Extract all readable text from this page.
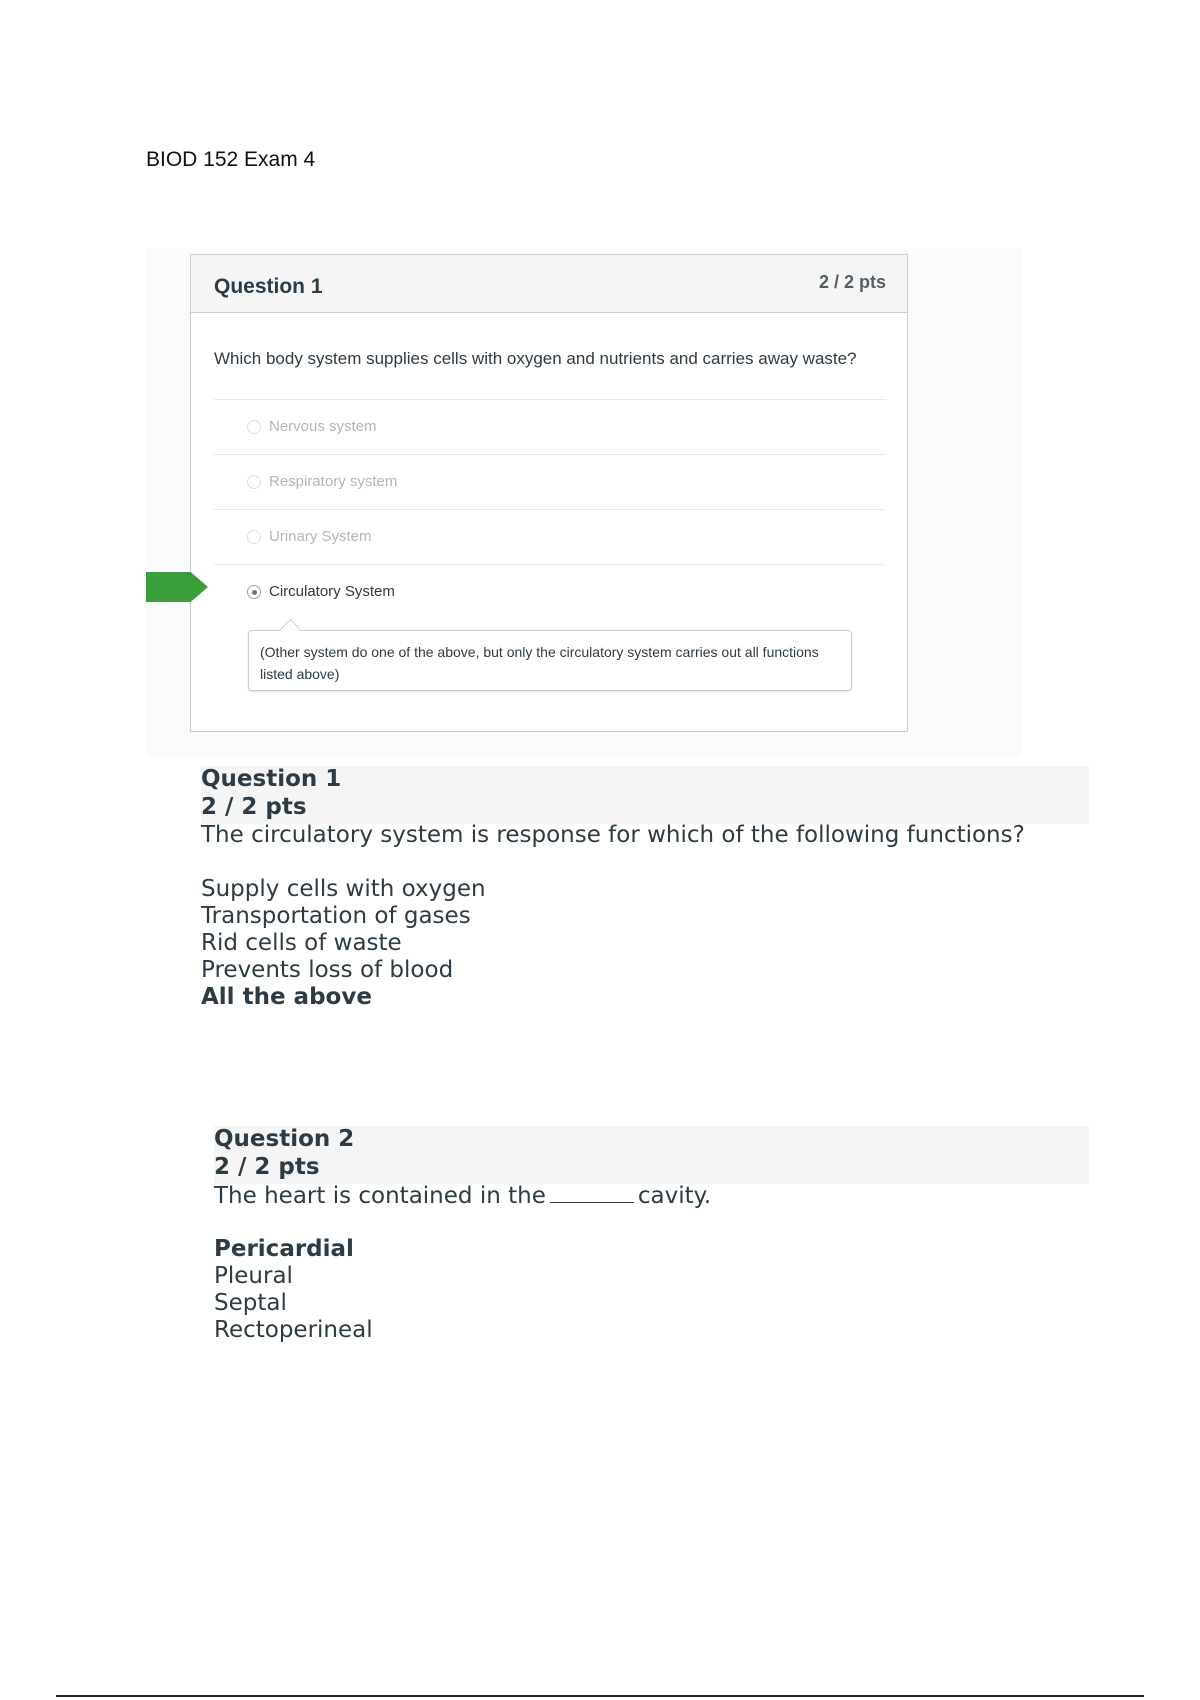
BIOD 152 Exam 4
Question 1	2 / 2 pts
Which body system supplies cells with oxygen and nutrients and carries away waste?
Nervous system
Respiratory system
Urinary System
Circulatory System
(Other system do one of the above, but only the circulatory system carries out all functions listed above)
Question 1
2 / 2 pts
The circulatory system is response for which of the following functions?
Supply cells with oxygen
Transportation of gases
Rid cells of waste
Prevents loss of blood
All the above
Question 2
2 / 2 pts
The heart is contained in the	cavity.
Pericardial
Pleural
Septal
Rectoperineal
